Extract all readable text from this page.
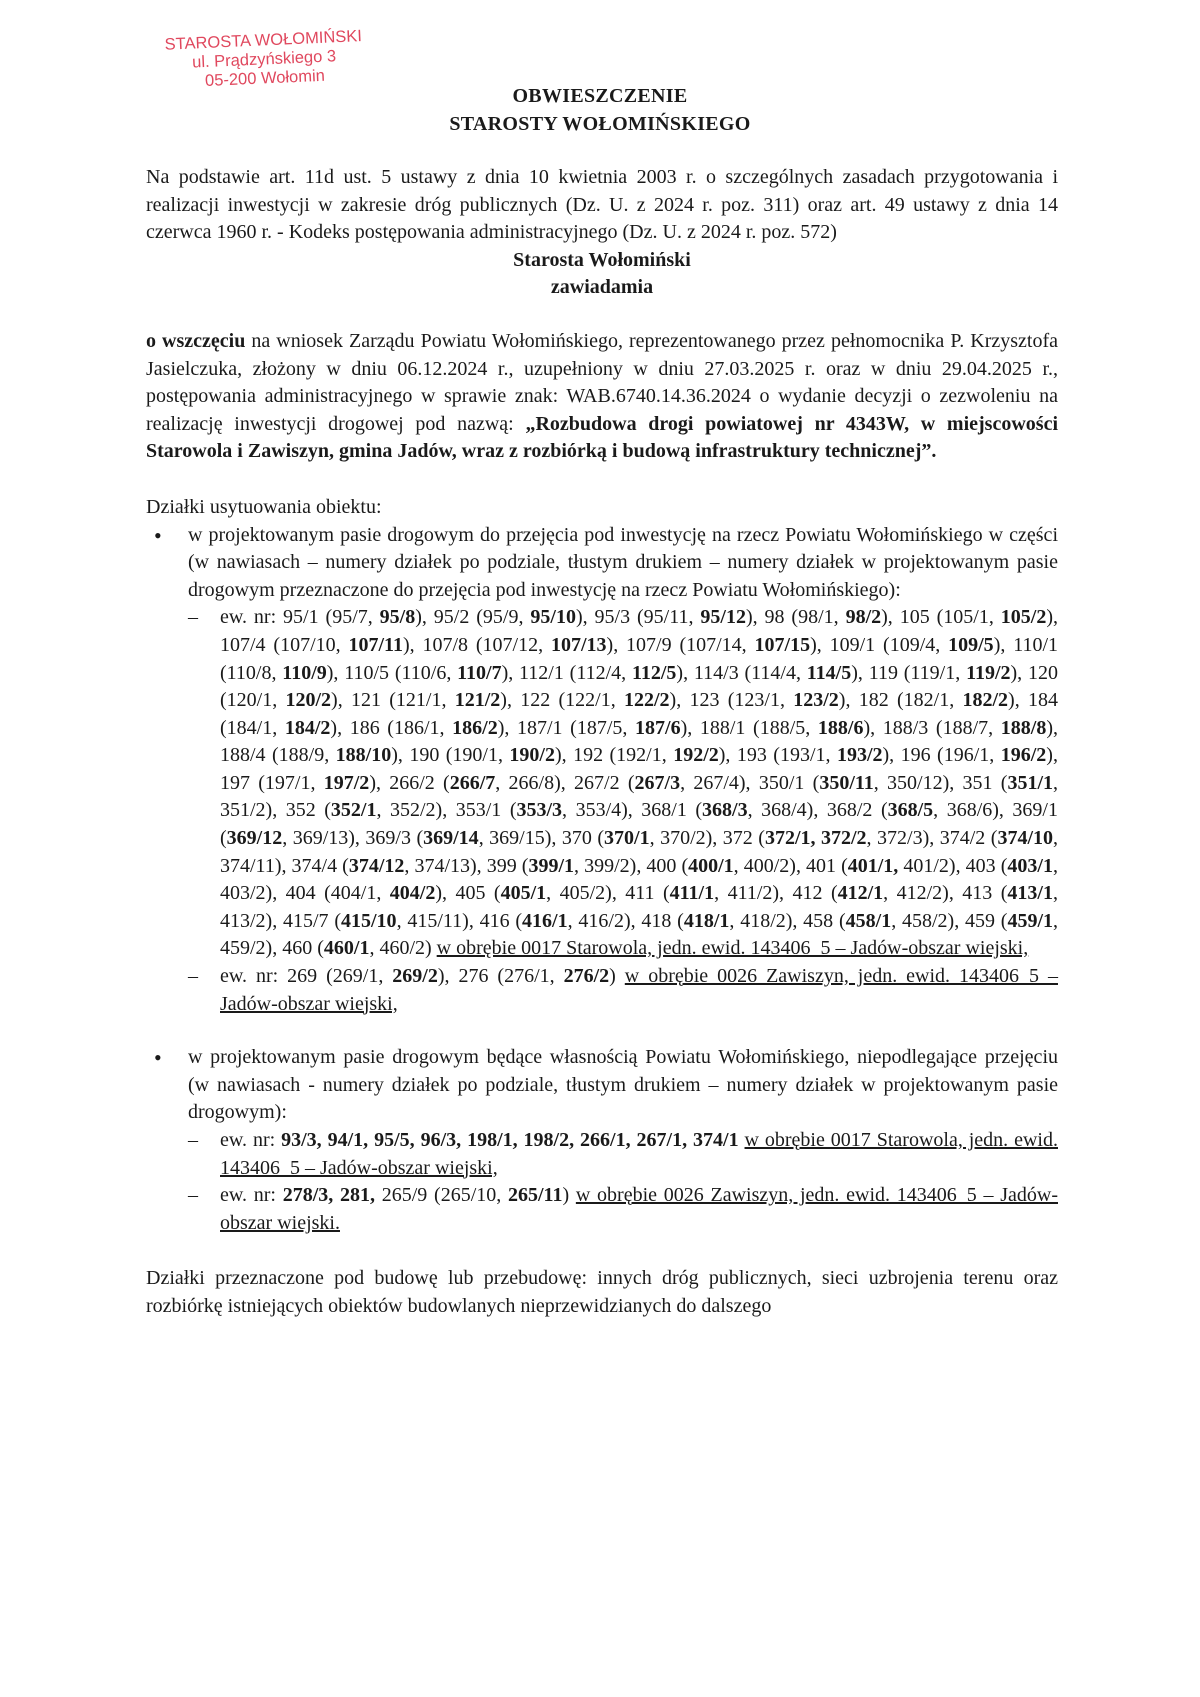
STAROSTA WOŁOMIŃSKI
ul. Prądzyńskiego 3
05-200 Wołomin
OBWIESZCZENIE
STAROSTY WOŁOMIŃSKIEGO

Na podstawie art. 11d ust. 5 ustawy z dnia 10 kwietnia 2003 r. o szczególnych zasadach przygotowania i realizacji inwestycji w zakresie dróg publicznych (Dz. U. z 2024 r. poz. 311) oraz art. 49 ustawy z dnia 14 czerwca 1960 r. - Kodeks postępowania administracyjnego (Dz. U. z 2024 r. poz. 572)

Starosta Wołomiński
zawiadamia

o wszczęciu na wniosek Zarządu Powiatu Wołomińskiego, reprezentowanego przez pełnomocnika P. Krzysztofa Jasielczuka, złożony w dniu 06.12.2024 r., uzupełniony w dniu 27.03.2025 r. oraz w dniu 29.04.2025 r., postępowania administracyjnego w sprawie znak: WAB.6740.14.36.2024 o wydanie decyzji o zezwoleniu na realizację inwestycji drogowej pod nazwą: „Rozbudowa drogi powiatowej nr 4343W, w miejscowości Starowola i Zawiszyn, gmina Jadów, wraz z rozbiórką i budową infrastruktury technicznej”.

Działki usytuowania obiektu:

• w projektowanym pasie drogowym do przejęcia pod inwestycję na rzecz Powiatu Wołomińskiego w części (w nawiasach – numery działek po podziale, tłustym drukiem – numery działek w projektowanym pasie drogowym przeznaczone do przejęcia pod inwestycję na rzecz Powiatu Wołomińskiego):
– ew. nr: 95/1 (95/7, 95/8), 95/2 (95/9, 95/10), 95/3 (95/11, 95/12), 98 (98/1, 98/2), 105 (105/1, 105/2), 107/4 (107/10, 107/11), 107/8 (107/12, 107/13), 107/9 (107/14, 107/15), 109/1 (109/4, 109/5), 110/1 (110/8, 110/9), 110/5 (110/6, 110/7), 112/1 (112/4, 112/5), 114/3 (114/4, 114/5), 119 (119/1, 119/2), 120 (120/1, 120/2), 121 (121/1, 121/2), 122 (122/1, 122/2), 123 (123/1, 123/2), 182 (182/1, 182/2), 184 (184/1, 184/2), 186 (186/1, 186/2), 187/1 (187/5, 187/6), 188/1 (188/5, 188/6), 188/3 (188/7, 188/8), 188/4 (188/9, 188/10), 190 (190/1, 190/2), 192 (192/1, 192/2), 193 (193/1, 193/2), 196 (196/1, 196/2), 197 (197/1, 197/2), 266/2 (266/7, 266/8), 267/2 (267/3, 267/4), 350/1 (350/11, 350/12), 351 (351/1, 351/2), 352 (352/1, 352/2), 353/1 (353/3, 353/4), 368/1 (368/3, 368/4), 368/2 (368/5, 368/6), 369/1 (369/12, 369/13), 369/3 (369/14, 369/15), 370 (370/1, 370/2), 372 (372/1, 372/2, 372/3), 374/2 (374/10, 374/11), 374/4 (374/12, 374/13), 399 (399/1, 399/2), 400 (400/1, 400/2), 401 (401/1, 401/2), 403 (403/1, 403/2), 404 (404/1, 404/2), 405 (405/1, 405/2), 411 (411/1, 411/2), 412 (412/1, 412/2), 413 (413/1, 413/2), 415/7 (415/10, 415/11), 416 (416/1, 416/2), 418 (418/1, 418/2), 458 (458/1, 458/2), 459 (459/1, 459/2), 460 (460/1, 460/2) w obrębie 0017 Starowola, jedn. ewid. 143406_5 – Jadów-obszar wiejski,
– ew. nr: 269 (269/1, 269/2), 276 (276/1, 276/2) w obrębie 0026 Zawiszyn, jedn. ewid. 143406_5 – Jadów-obszar wiejski,
• w projektowanym pasie drogowym będące własnością Powiatu Wołomińskiego, niepodlegające przejęciu (w nawiasach - numery działek po podziale, tłustym drukiem – numery działek w projektowanym pasie drogowym):
– ew. nr: 93/3, 94/1, 95/5, 96/3, 198/1, 198/2, 266/1, 267/1, 374/1 w obrębie 0017 Starowola, jedn. ewid. 143406_5 – Jadów-obszar wiejski,
– ew. nr: 278/3, 281, 265/9 (265/10, 265/11) w obrębie 0026 Zawiszyn, jedn. ewid. 143406_5 – Jadów-obszar wiejski.

Działki przeznaczone pod budowę lub przebudowę: innych dróg publicznych, sieci uzbrojenia terenu oraz rozbiórkę istniejących obiektów budowlanych nieprzewidzianych do dalszego
